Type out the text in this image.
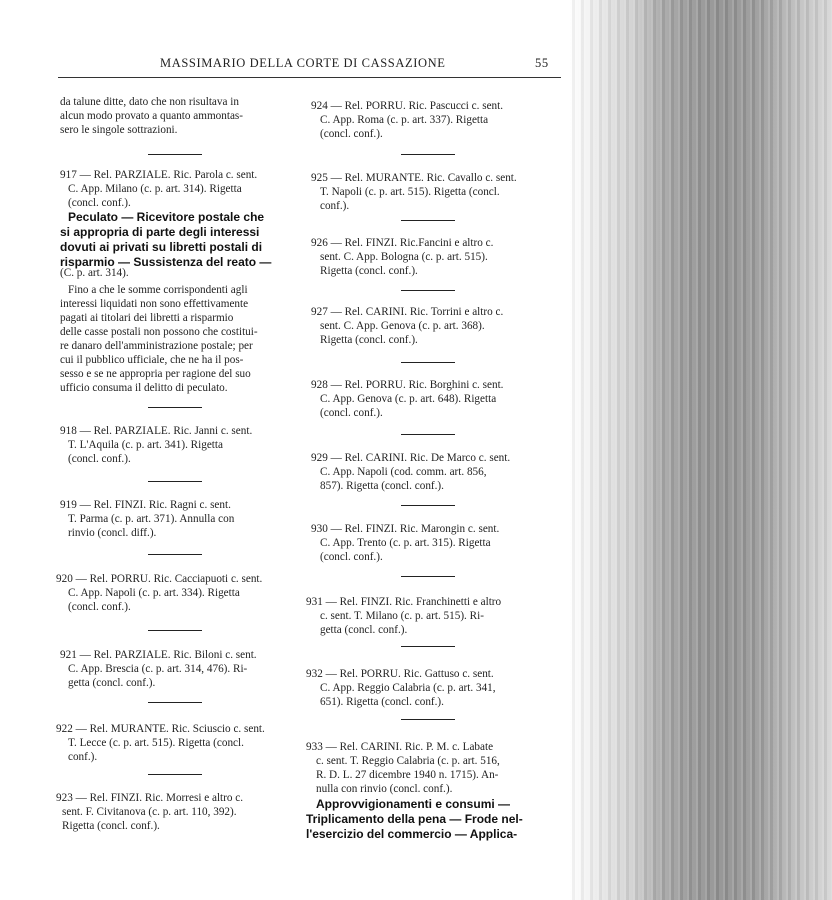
MASSIMARIO DELLA CORTE DI CASSAZIONE	55
da talune ditte, dato che non risultava in
alcun modo provato a quanto ammontas-
sero le singole sottrazioni.
917 — Rel. PARZIALE. Ric. Parola c. sent.
C. App. Milano (c. p. art. 314). Rigetta
(concl. conf.).
Peculato — Ricevitore postale che
si appropria di parte degli interessi
dovuti ai privati su libretti postali di
risparmio — Sussistenza del reato —
(C. p. art. 314).
Fino a che le somme corrispondenti agli
interessi liquidati non sono effettivamente
pagati ai titolari dei libretti a risparmio
delle casse postali non possono che costitui-
re danaro dell'amministrazione postale; per
cui il pubblico ufficiale, che ne ha il pos-
sesso e se ne appropria per ragione del suo
ufficio consuma il delitto di peculato.
918 — Rel. PARZIALE. Ric. Janni c. sent.
T. L'Aquila (c. p. art. 341). Rigetta
(concl. conf.).
919 — Rel. FINZI. Ric. Ragni c. sent.
T. Parma (c. p. art. 371). Annulla con
rinvio (concl. diff.).
920 — Rel. PORRU. Ric. Cacciapuoti c. sent.
C. App. Napoli (c. p. art. 334). Rigetta
(concl. conf.).
921 — Rel. PARZIALE. Ric. Biloni c. sent.
C. App. Brescia (c. p. art. 314, 476). Ri-
getta (concl. conf.).
922 — Rel. MURANTE. Ric. Sciuscio c. sent.
T. Lecce (c. p. art. 515). Rigetta (concl.
conf.).
923 — Rel. FINZI. Ric. Morresi e altro c.
sent. F. Civitanova (c. p. art. 110, 392).
Rigetta (concl. conf.).
924 — Rel. PORRU. Ric. Pascucci c. sent.
C. App. Roma (c. p. art. 337). Rigetta
(concl. conf.).
925 — Rel. MURANTE. Ric. Cavallo c. sent.
T. Napoli (c. p. art. 515). Rigetta (concl.
conf.).
926 — Rel. FINZI. Ric.Fancini e altro c.
sent. C. App. Bologna (c. p. art. 515).
Rigetta (concl. conf.).
927 — Rel. CARINI. Ric. Torrini e altro c.
sent. C. App. Genova (c. p. art. 368).
Rigetta (concl. conf.).
928 — Rel. PORRU. Ric. Borghini c. sent.
C. App. Genova (c. p. art. 648). Rigetta
(concl. conf.).
929 — Rel. CARINI. Ric. De Marco c. sent.
C. App. Napoli (cod. comm. art. 856,
857). Rigetta (concl. conf.).
930 — Rel. FINZI. Ric. Marongin c. sent.
C. App. Trento (c. p. art. 315). Rigetta
(concl. conf.).
931 — Rel. FINZI. Ric. Franchinetti e altro
c. sent. T. Milano (c. p. art. 515). Ri-
getta (concl. conf.).
932 — Rel. PORRU. Ric. Gattuso c. sent.
C. App. Reggio Calabria (c. p. art. 341,
651). Rigetta (concl. conf.).
933 — Rel. CARINI. Ric. P. M. c. Labate
c. sent. T. Reggio Calabria (c. p. art. 516,
R. D. L. 27 dicembre 1940 n. 1715). An-
nulla con rinvio (concl. conf.).
Approvvigionamenti e consumi —
Triplicamento della pena — Frode nel-
l'esercizio del commercio — Applica-
